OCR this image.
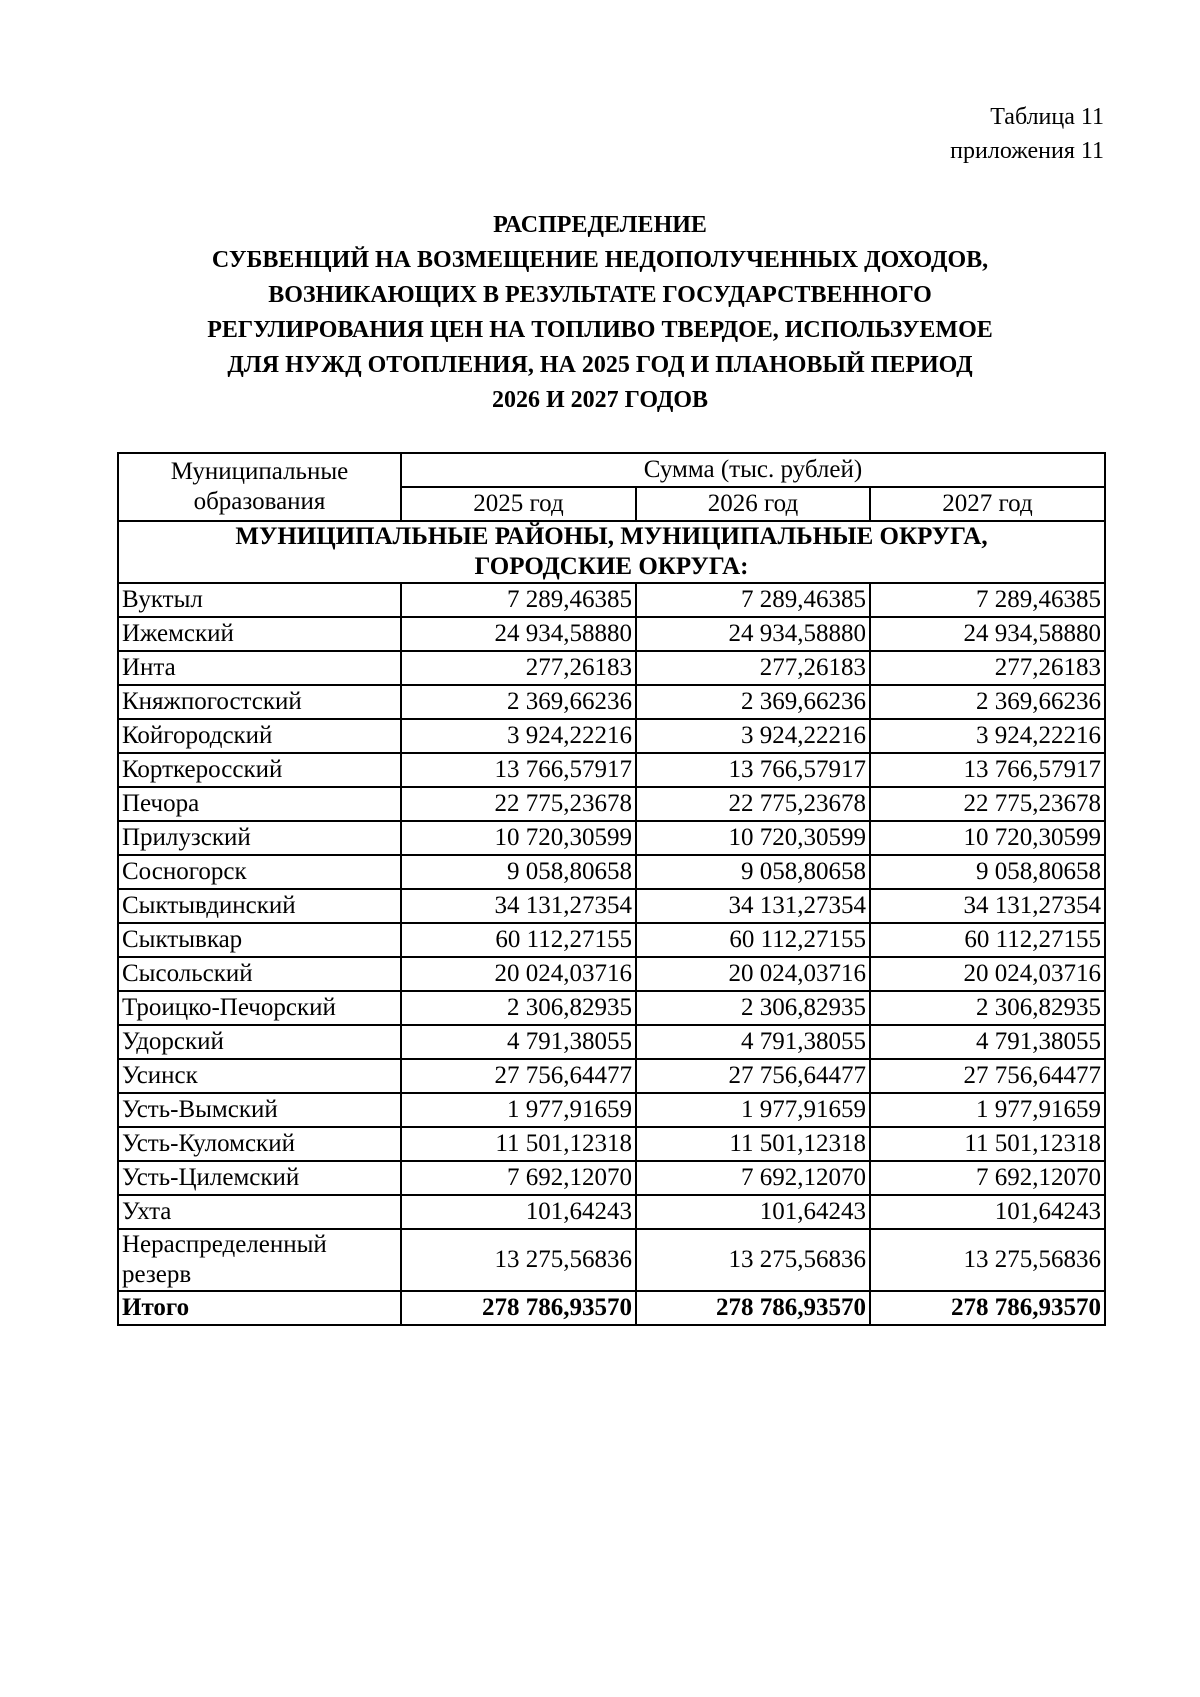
Таблица 11
приложения 11
РАСПРЕДЕЛЕНИЕ
СУБВЕНЦИЙ НА ВОЗМЕЩЕНИЕ НЕДОПОЛУЧЕННЫХ ДОХОДОВ,
ВОЗНИКАЮЩИХ В РЕЗУЛЬТАТЕ ГОСУДАРСТВЕННОГО
РЕГУЛИРОВАНИЯ ЦЕН НА ТОПЛИВО ТВЕРДОЕ, ИСПОЛЬЗУЕМОЕ
ДЛЯ НУЖД ОТОПЛЕНИЯ, НА 2025 ГОД И ПЛАНОВЫЙ ПЕРИОД
2026 И 2027 ГОДОВ
Муниципальные
образования	Сумма (тыс. рублей)		
	2025 год	2026 год	2027 год

МУНИЦИПАЛЬНЫЕ РАЙОНЫ, МУНИЦИПАЛЬНЫЕ ОКРУГА,
ГОРОДСКИЕ ОКРУГА:			

Вуктыл	7 289,46385	7 289,46385	7 289,46385
Ижемский	24 934,58880	24 934,58880	24 934,58880
Инта	277,26183	277,26183	277,26183
Княжпогостский	2 369,66236	2 369,66236	2 369,66236
Койгородский	3 924,22216	3 924,22216	3 924,22216
Корткеросский	13 766,57917	13 766,57917	13 766,57917
Печора	22 775,23678	22 775,23678	22 775,23678
Прилузский	10 720,30599	10 720,30599	10 720,30599
Сосногорск	9 058,80658	9 058,80658	9 058,80658
Сыктывдинский	34 131,27354	34 131,27354	34 131,27354
Сыктывкар	60 112,27155	60 112,27155	60 112,27155
Сысольский	20 024,03716	20 024,03716	20 024,03716
Троицко-Печорский	2 306,82935	2 306,82935	2 306,82935
Удорский	4 791,38055	4 791,38055	4 791,38055
Усинск	27 756,64477	27 756,64477	27 756,64477
Усть-Вымский	1 977,91659	1 977,91659	1 977,91659
Усть-Куломский	11 501,12318	11 501,12318	11 501,12318
Усть-Цилемский	7 692,12070	7 692,12070	7 692,12070
Ухта	101,64243	101,64243	101,64243

Нераспределенный
резерв	13 275,56836	13 275,56836	13 275,56836
Итого	278 786,93570	278 786,93570	278 786,93570
